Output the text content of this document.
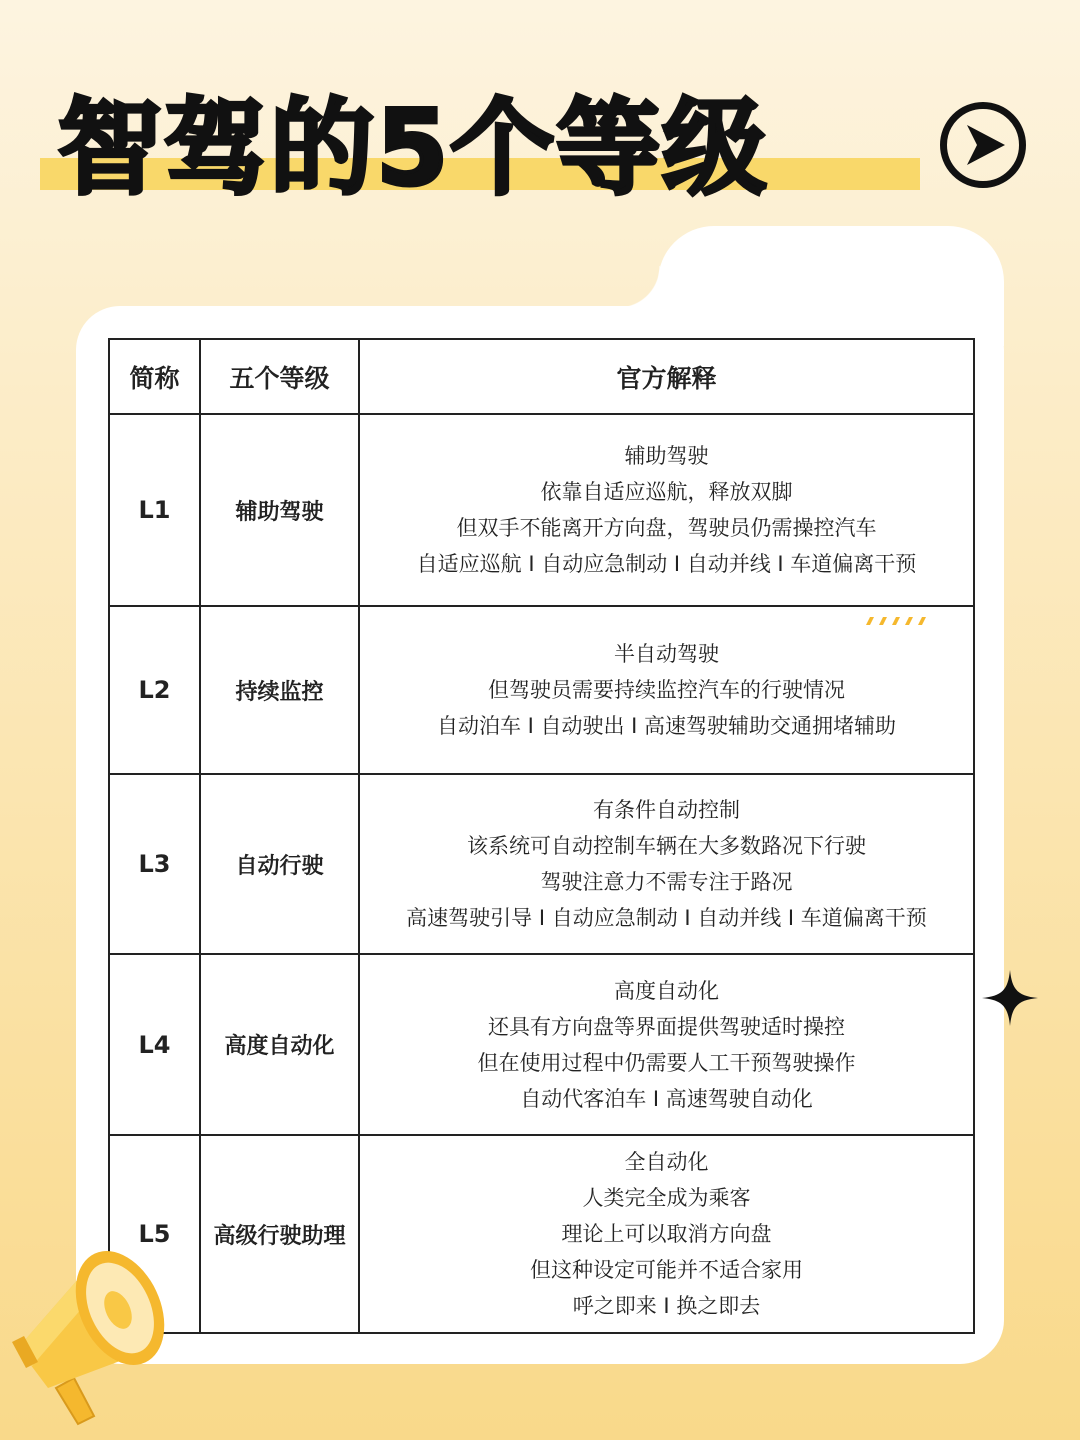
智驾的5个等级
简称	五个等级	官方解释
L1	辅助驾驶	辅助驾驶
依靠自适应巡航，释放双脚
但双手不能离开方向盘，驾驶员仍需操控汽车
自适应巡航 I 自动应急制动 I 自动并线 I 车道偏离干预

L2	持续监控	半自动驾驶
但驾驶员需要持续监控汽车的行驶情况
自动泊车 I 自动驶出 I 高速驾驶辅助交通拥堵辅助

L3	自动行驶	有条件自动控制
该系统可自动控制车辆在大多数路况下行驶
驾驶注意力不需专注于路况
高速驾驶引导 I 自动应急制动 I 自动并线 I 车道偏离干预

L4	高度自动化	高度自动化
还具有方向盘等界面提供驾驶适时操控
但在使用过程中仍需要人工干预驾驶操作
自动代客泊车 I 高速驾驶自动化

L5	高级行驶助理	全自动化
人类完全成为乘客
理论上可以取消方向盘
但这种设定可能并不适合家用
呼之即来 I 换之即去
